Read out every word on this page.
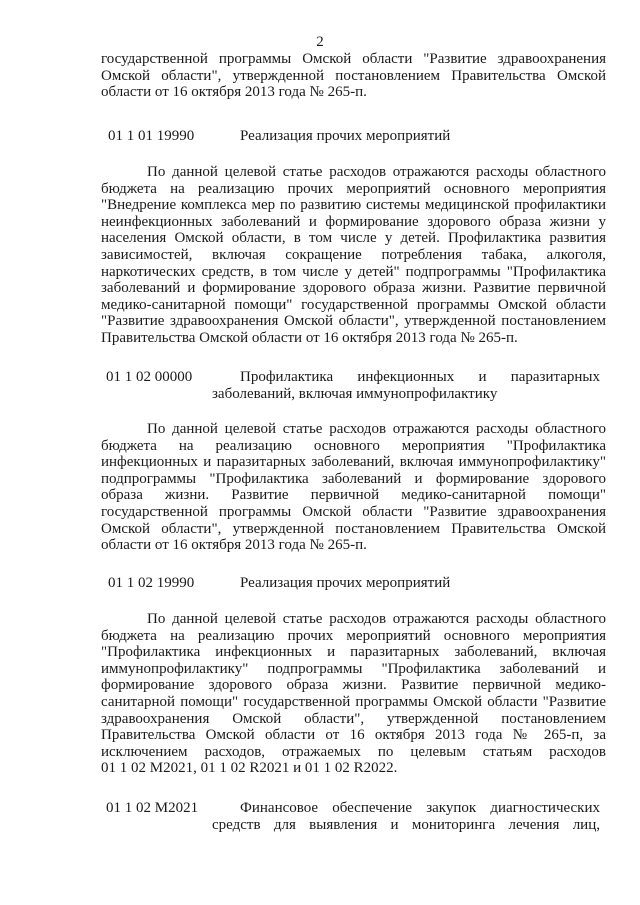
2
государственной программы Омской области "Развитие здравоохранения
Омской области", утвержденной постановлением Правительства Омской
области от 16 октября 2013 года № 265-п.
01 1 01 19990	Реализация прочих мероприятий
По данной целевой статье расходов отражаются расходы областного
бюджета на реализацию прочих мероприятий основного мероприятия
"Внедрение комплекса мер по развитию системы медицинской профилактики
неинфекционных заболеваний и формирование здорового образа жизни у
населения Омской области, в том числе у детей. Профилактика развития
зависимостей, включая сокращение потребления табака, алкоголя,
наркотических средств, в том числе у детей" подпрограммы "Профилактика
заболеваний и формирование здорового образа жизни. Развитие первичной
медико-санитарной помощи" государственной программы Омской области
"Развитие здравоохранения Омской области", утвержденной постановлением
Правительства Омской области от 16 октября 2013 года № 265-п.
01 1 02 00000	Профилактика инфекционных и паразитарных
заболеваний, включая иммунопрофилактику
По данной целевой статье расходов отражаются расходы областного
бюджета на реализацию основного мероприятия "Профилактика
инфекционных и паразитарных заболеваний, включая иммунопрофилактику"
подпрограммы "Профилактика заболеваний и формирование здорового
образа жизни. Развитие первичной медико-санитарной помощи"
государственной программы Омской области "Развитие здравоохранения
Омской области", утвержденной постановлением Правительства Омской
области от 16 октября 2013 года № 265-п.
01 1 02 19990	Реализация прочих мероприятий
По данной целевой статье расходов отражаются расходы областного
бюджета на реализацию прочих мероприятий основного мероприятия
"Профилактика инфекционных и паразитарных заболеваний, включая
иммунопрофилактику" подпрограммы "Профилактика заболеваний и
формирование здорового образа жизни. Развитие первичной медико-
санитарной помощи" государственной программы Омской области "Развитие
здравоохранения Омской области", утвержденной постановлением
Правительства Омской области от 16 октября 2013 года № 265-п, за
исключением расходов, отражаемых по целевым статьям расходов
01 1 02 M2021, 01 1 02 R2021 и 01 1 02 R2022.
01 1 02 M2021	Финансовое обеспечение закупок диагностических
средств для выявления и мониторинга лечения лиц,
